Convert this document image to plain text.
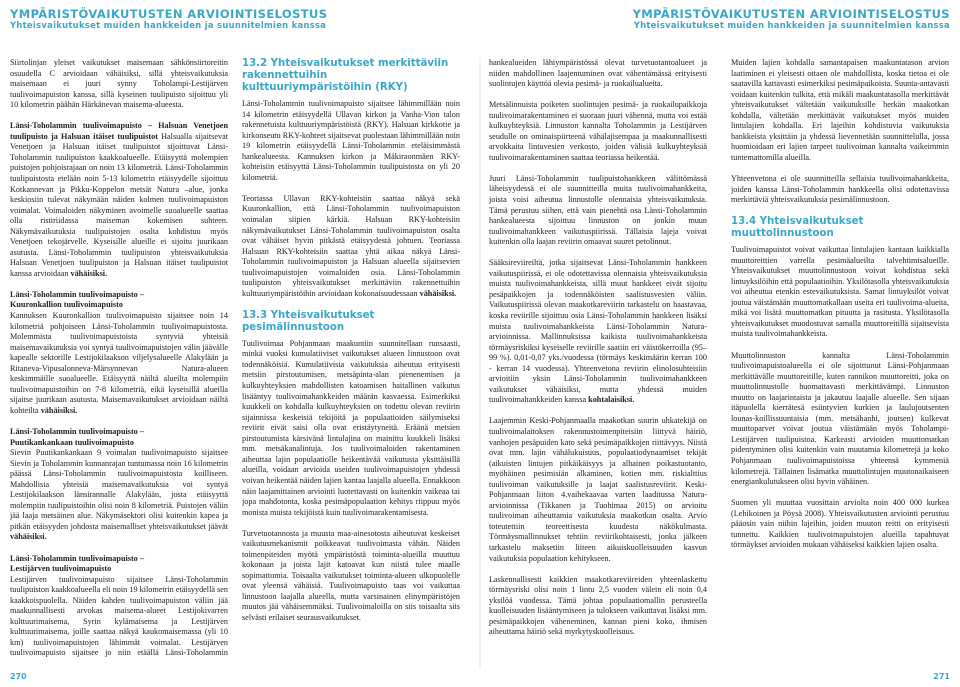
YMPÄRISTÖVAIKUTUSTEN ARVIOINTISELOSTUS
Yhteisvaikutukset muiden hankkeiden ja suunnitelmien kanssa
YMPÄRISTÖVAIKUTUSTEN ARVIOINTISELOSTUS
Yhteisvaikutukset muiden hankkeiden ja suunnitelmien kanssa

Siirtolinjan yleiset vaikutukset maisemaan sähkönsiirtoreitin osuudella C arvioidaan vähäisiksi, sillä yhteisvaikutuksia maisemaan ei juuri synny Toholampi-Lestijärven tuulivoimapuiston kanssa, sillä kyseinen tuulipuisto sijoittuu yli 10 kilometrin päähän Härkänevan maisema-alueesta.

Länsi-Toholammin tuulivoimapuisto – Halsuan Venetjoen tuulipuisto ja Halsuan itäiset tuulipuistot Halsualla sijaitsevat Venetjoen ja Halsuan itäiset tuulipuistot sijoittuvat Länsi-Toholammin tuulipuiston kaakkoalueelle. Etäisyyttä molempien puistojen pohjoisrajaan on noin 13 kilometriä. Länsi-Toholammin tuulipuistosta etelään noin 5-13 kilometrin etäisyydelle sijoittuu Kotkannevan ja Pikku-Koppelon metsät Natura –alue, jonka keskiosiin tulevat näkymään näiden kolmen tuulivoimapuiston voimalat. Voimaloiden näkyminen avoimelle suoalueelle saattaa olla ristiriidassa maiseman kokemisen suhteen. Näkymävaikutuksia tuulipuistojen osalta kohdistuu myös Venetjoen tekojärvelle. Kyseisille alueille ei sijoitu juurikaan asutusta. Länsi-Toholammin tuulipuiston yhteisvaikutuksia Halsuan Venetjoen tuulipuiston ja Halsuan itäiset tuulipuistot kanssa arvioidaan vähäisiksi.

Länsi-Toholammin tuulivoimapuisto –
Kuuronkallion tuulivoimapuisto
Kannuksen Kuuronkallion tuulivoimapuisto sijaitsee noin 14 kilometriä pohjoiseen Länsi-Toholammin tuulivoimapuistosta. Molemmista tuulivoimapuistoista syntyviä yhteisiä maisemavaikutuksia voi syntyä tuulivoimapuistojen välin jäävälle kapealle sektorille Lestijokilaakson viljelysalueelle Alakylään ja Ritaneva-Vipusalonneva-Märsynnevan Natura-alueen keskimmäille suoalueelle. Etäisyyttä näiltä alueilta molempiin tuulivoimapuistoihin on 7-8 kilometriä, eikä kyseisillä alueilla sijaitse juurikaan asutusta. Maisemavaikutukset arvioidaan näiltä kohteilta vähäisiksi.

Länsi-Toholammin tuulivoimapuisto –
Puutikankankaan tuulivoimapuisto
Sievin Puutikankankaan 9 voimalan tuulivoimapuisto sijaitsee Sievin ja Toholammin kunnanrajan tuntumassa noin 16 kilometrin päässä Länsi-Toholammin tuulivoimapuistosta koilliseen. Mahdollisia yhteisiä maisemavaikutuksia voi syntyä Lestijokilaakson länsirannalle Alakylään, josta etäisyyttä molempiin tuulipuistoihin olisi noin 8 kilometriä. Puistojen väliin jää laaja metsäinen alue. Näkymäsektori olisi kuitenkin kapea ja pitkän etäisyyden johdosta maisemalliset yhteisvaikutukset jäävät vähäisiksi.

Länsi-Toholammin tuulivoimapuisto –
Lestijärven tuulivoimapuisto
Lestijärven tuulivoimapuisto sijaitsee Länsi-Toholammin tuulipuiston kaakkoalueella eli noin 19 kilometrin etäisyydellä sen kaakkoispuolella. Näiden kahden tuulivoimapuiston väliin jää maakunnallisesti arvokas maisema-alueet Lestijokivarren kulttuurimaisema, Syrin kylämaisema ja Lestijärven kulttuurimaisema, joille saattaa näkyä kaukomaisemassa (yli 10 km) tuulivoimapuistojen lähimmät voimalat. Lestijärven tuulivoimapuisto sijaitsee jo niin etäällä Länsi-Toholammin

13.2 Yhteisvaikutukset merkittäviin rakennettuihin kulttuuriympäristöihin (RKY)

Länsi-Toholammin tuulivoimapuisto sijaitsee lähimmillään noin 14 kilometrin etäisyydellä Ullavan kirkon ja Vanha-Vion talon rakennetuista kulttuuriympäristöistä (RKY). Halsuan kirkkotie ja kirkonseutu RKY-kohteet sijaitsevat puolestaan lähimmillään noin 19 kilometrin etäisyydellä Länsi-Toholammin eteläisimmästä hankealueesta. Kannuksen kirkon ja Mäkiraonmäen RKY-kohteisiin etäisyyttä Länsi-Toholammin tuulipuistosta on yli 20 kilometriä.

Teoriassa Ullavan RKY-kohteisiin saattaa näkyä sekä Kuuronkallion, että Länsi-Toholammin tuulivoimapuiston voimalan siipien kärkiä. Halsuan RKY-kohteisiin näkymävaikutukset Länsi-Toholammin tuulivoimapuiston osalta ovat vähäiset hyvin pitkästä etäisyydestä johtuen. Teoriassa Halsuan RKY-kohteisiin saattaa yhtä aikaa näkyä Länsi-Toholammin tuulivoimapuiston ja Halsuan alueella sijaitsevien tuulivoimapuistojen voimaloiden osia. Länsi-Toholammin tuulipuiston yhteisvaikutukset merkittäviin rakennettuihin kulttuuriympäristöihin arvioidaan kokonaisuudessaan vähäisiksi.

13.3 Yhteisvaikutukset pesimälinnustoon

Tuulivoimaa Pohjanmaan maakuntiin suunnitellaan runsaasti, minkä vuoksi kumulatiiviset vaikutukset alueen linnustoon ovat todennäköisiä. Kumulatiivisia vaikutuksia aiheutuu erityisesti metsiin pirstoutumisen, metsäpinta-alan pienenemisen ja kulkuyhteyksien mahdollisten katoamisen haitallinen vaikutus lisääntyy tuulivoimahankkeiden määrän kasvaessa. Esimerkiksi kuukkeli on kohdalla kulkuyhteyksien on todettu olevan reviirin sijainnissa keskeisiä tekijöitä ja populaatioiden säilymiseksi reviirit eivät saisi olla ovat eristäytyneitä. Eräänä metsien pirstoutumista kärsivänä lintulajina on mainittu kuukkeli lisäksi mm. metsäkanalintuja. Jos tuulivoimaloiden rakentaminen aiheuttaa lajin populaatiolle heikentävää vaikutusta yksittäisillä alueilla, voidaan arvioida useiden tuulivoimapuistojen yhdessä voivan heikentää näiden lajien kantaa laajalla alueella. Ennakkoon näin laajamittainen arviointi luotettavasti on kuitenkin vaikeaa tai jopa mahdotonta, koska pesimäpopulaation kehitys riippuu myös monista muista tekijöistä kuin tuulivoimarakentamisesta.

Turvetuotannosta ja muusta maa-ainesotosta aiheutuvat keskeiset vaikutusmekanismit poikkeavat tuulivoimasta vähän. Näiden toimenpiteiden myötä ympäristöstä toiminta-alueilla muuttuu kokonaan ja joista lajit katoavat kun niistä tulee maalle sopimattomia. Toisaalta vaikutukset toiminta-alueen ulkopuolelle ovat yleensä vähäisiä. Tuulivoimapuisto taas voi vaikuttaa linnustoon laajalla alueella, mutta varsinainen elinympäristöjen muutos jää vähäisemmäksi. Tuulivoimaloilla on siis toisaalta siis selvästi erilaiset seurausvaikutukset.

hankealueiden lähiympäristössä olevat turvetuotantoalueet ja niiden mahdollinen laajentuminen ovat vähentämässä erityisesti suolintujen käyttöä olevia pesimä- ja ruokailualueita.

Metsälinnuista poiketen suolintujen pesimä- ja ruokailupaikkoja tuulivoimarakentaminen ei suoraan juuri vähennä, mutta voi estää kulkuyhteyksiä. Linnuston kannalta Toholammin ja Lestijärven seudulle on ominaispiirteenä vähälajisempaa ja maakunnallisesti arvokkaita lintuvesien verkosto, joiden välisiä kulkuyhteyksiä tuulivoimarakentaminen saattaa teoriassa heikentää.

Juuri Länsi-Toholammin tuulipuistohankkeen välittömässä läheisyydessä ei ole suunnitteilla muita tuulivoimahankkeita, joista voisi aiheutua linnustolle olennaisia yhteisvaikutuksia. Tämä perustuu siihen, että vain pienehtä osa Länsi-Toholammin hankealueesta sijoittuu linnuston on jonkin muun tuulivoimahankkeen vaikutuspiirissä. Tällaisia lajeja voivat kuitenkin olla laajan reviirin omaavat suuret petolinnut.

Sääksireviireiltä, jotka sijaitsevat Länsi-Toholammin hankkeen vaikutuspiirissä, ei ole odotettavissa olennaisia yhteisvaikutuksia muista tuulivoimahankkeista, sillä muut hankkeet eivät sijoitu pesäpaikkojen ja todennäköisten saalistusvesien väliin. Vaikutuspiirissä olevan maakotkareviirin tarkastelu on haastavaa, koska reviirille sijoittuu osia Länsi-Toholammin hankkeen lisäksi muista tuulivoimahankkeista Länsi-Toholammin Natura-arvioinnissa. Mallinnuksissa kaikista tuulivoimahankkeista törmäysriskiksi kyseiselle reviirille saatiin eri väistökerroilla (95–99 %). 0,01-0,07 yks./vuodessa (törmäys keskimäärin kerran 100 - kerran 14 vuodessa). Yhteenvetona reviirin elinolosuhteisiin arvioitiin yksin Länsi-Toholammin tuulivoimahankkeen vaikutukset vähäisiksi, mutta yhdessä muiden tuulivoimahankkeiden kanssa kohtalaisiksi.

Laajemmin Keski-Pohjanmaalla maakotkan suurin uhkatekijä on tuulivoimalaitoksen rakennustoimenpiteisiin liittyvä häiriö, vanhojen pesäpuiden kato sekä pesimäpaikkojen riittävyys. Niistä ovat mm. lajin vähälukuisuus, populaatiodynaamiset tekijät (aikuisten lintujen pitkäikäisyys ja alhainen poikastuotanto, myöhäinen pesimisiän alkaminen, kotien mm. riskialttius tuulivoiman vaikutuksille ja laajat saalistusreviirit. Keski-Pohjanmaan liiton 4.vaihekaavaa varten laaditussa Natura-arvioinnissa (Tikkanen ja Tuohimaa 2015) on arvioitu tuulivoiman aiheuttamia vaikutuksia maakotkan osalta. Arvio toteutettiin teoreettisesta kuudesta näkökulmasta. Törmäysmallinnukset tehtiin reviirikohtaisesti, jonka jälkeen tarkastelu maksetiin liiteen aikuiskuolleisuuden kasvun vaikutuksia populaation kehitykseen.

Laskennallisesti kaikkien maakotkareviireiden yhteenlaskettu törmäysriski olisi noin 1 lintu 2,5 vuoden välein eli noin 0,4 yksilöä vuodessa. Tämä johtaa populaatiomallin perusteella kuolleisuuden lisääntymiseen ja tulokseen vaikuttavat lisäksi mm. pesimäpaikkojen väheneminen, kannan pieni koko, ihmisen aiheuttama häiriö sekä myrkytyskuolleisuus.

Muiden lajien kohdalla samantapaisen maakuntatason arvion laatiminen ei yleisesti ottaen ole mahdollista, koska tietoa ei ole saatavilla kattavasti esimerkiksi pesimäpaikoista. Suunta-antavasti voidaan kuitenkin tulkita, että mikäli maakuntatasolla merkittävät yhteisvaikutukset vältetään vaikutuksille herkän maakotkan kohdalla, vältetään merkittävät vaikutukset myös muiden lintulajien kohdalla. Eri lajeihin kohdistuvia vaikutuksia hankkeista yksittäin ja yhdessä lievennetään suunnittelulla, jossa huomioidaan eri lajien tarpeet tuulivoiman kannalta vaikeimmin tuntemattomilla alueilla.

Yhteenvetona ei ole suunnitteilla sellaisia tuulivoimahankkeita, joiden kanssa Länsi-Toholammin hankkeella olisi odotettavissa merkittäviä yhteisvaikutuksia pesimälinnustoon.

13.4 Yhteisvaikutukset muuttolinnustoon

Tuulivoimapuistot voivat vaikuttaa lintulajien kantaan kaikkialla muuttoreittien varrella pesimäalueilta talvehtimisalueille. Yhteisvaikutukset muuttolinnustoon voivat kohdistua sekä lintuyksilöihin että populaatioihin. Yksilötasolla yhteisvaikutuksia voi aiheutua etenkin estevaikutuksista. Samat lintuyksilöt voivat joutua väistämään muuttomatkallaan useita eri tuulivoima-alueita, mikä voi lisätä muuttomatkan pituutta ja rasitusta. Yksilötasolla yhteisvaikutukset muodostuvat samalla muuttoreitillä sijaitsevista muista tuulivoimahankkeista.

Muuttolinnuston kannalta Länsi-Toholammin tuulivoimapuistoalueella ei ole sijoittunut Länsi-Pohjanmaan merkittävälle muuttoreitille, kuten rannikon muuttoreitti, joka on muuttolinnustolle huomattavasti merkittävämpi. Linnuston muutto on laajarintaista ja jakautuu laajalle alueelle. Sen sijaan itäpuolella kierrätesä esiintyvien kurkien ja laulujoutsenten lounas-koillissuuntaisia (mm. metsähanhi, joutsen) kulkevat muuttoparvet voivat joutua väistämään myös Toholampi-Lestijärven tuulipuistoa. Karkeasti arvioiden muuttomatkan pidentyminen olisi kuitenkin vain muutamia kilometrejä ja koko Pohjanmaan tuulivoimapuistoissa yhteensä kymmeniä kilometrejä. Tällainen lisämatka muuttolintujen muutonaikaiseen energiankulutukseen olisi hyvin vähäinen.

Suomen yli muuttaa vuosittain arviolta noin 400 000 kurkea (Lehikoinen ja Pöysä 2008). Yhteisvaikutusten arviointi perustuu pääosin vain niihin lajeihin, joiden muuton reitti on erityisesti tunnettu. Kaikkien tuulivoimapuistojen alueilla tapahtuvat törmäykset arvioiden mukaan vähäiseksi kaikkien lajien osalta.

270	271
